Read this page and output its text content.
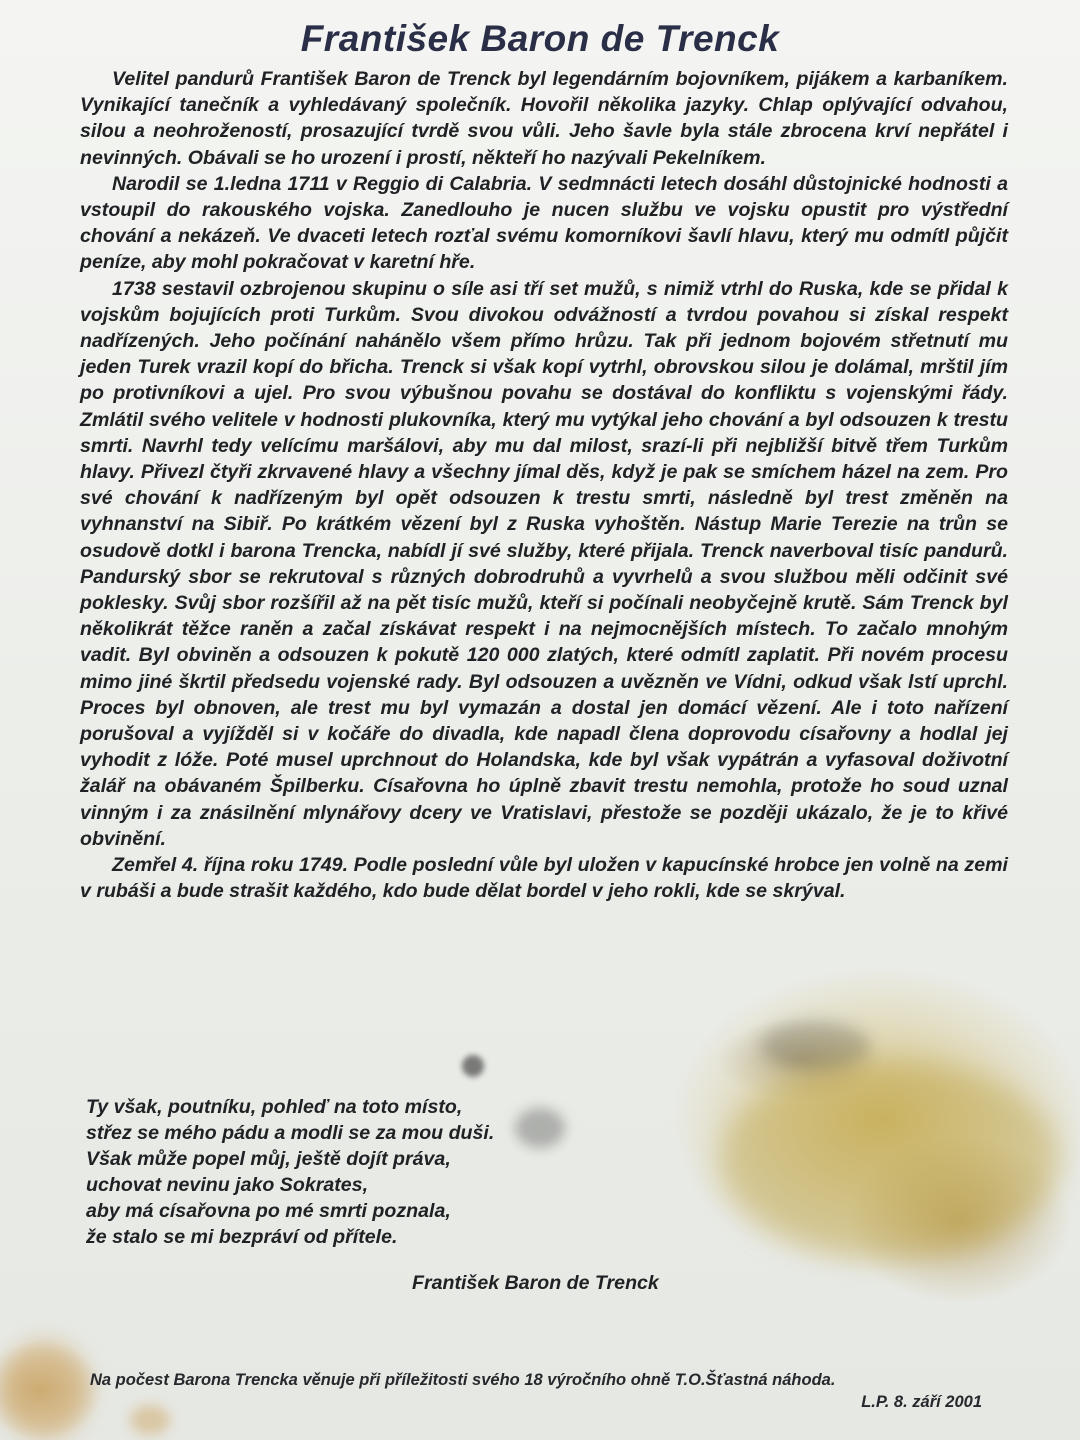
František Baron de Trenck

Velitel pandurů František Baron de Trenck byl legendárním bojovníkem, pijákem a karbaníkem. Vynikající tanečník a vyhledávaný společník. Hovořil několika jazyky. Chlap oplývající odvahou, silou a neohrožeností, prosazující tvrdě svou vůli. Jeho šavle byla stále zbrocena krví nepřátel i nevinných. Obávali se ho urození i prostí, někteří ho nazývali Pekelníkem.

Narodil se 1.ledna 1711 v Reggio di Calabria. V sedmnácti letech dosáhl důstojnické hodnosti a vstoupil do rakouského vojska. Zanedlouho je nucen službu ve vojsku opustit pro výstřední chování a nekázeň. Ve dvaceti letech rozťal svému komorníkovi šavlí hlavu, který mu odmítl půjčit peníze, aby mohl pokračovat v karetní hře.

1738 sestavil ozbrojenou skupinu o síle asi tří set mužů, s nimiž vtrhl do Ruska, kde se přidal k vojskům bojujících proti Turkům. Svou divokou odvážností a tvrdou povahou si získal respekt nadřízených. Jeho počínání nahánělo všem přímo hrůzu. Tak při jednom bojovém střetnutí mu jeden Turek vrazil kopí do břicha. Trenck si však kopí vytrhl, obrovskou silou je dolámal, mrštil jím po protivníkovi a ujel. Pro svou výbušnou povahu se dostával do konfliktu s vojenskými řády. Zmlátil svého velitele v hodnosti plukovníka, který mu vytýkal jeho chování a byl odsouzen k trestu smrti. Navrhl tedy velícímu maršálovi, aby mu dal milost, srazí-li při nejbližší bitvě třem Turkům hlavy. Přivezl čtyři zkrvavené hlavy a všechny jímal děs, když je pak se smíchem házel na zem. Pro své chování k nadřízeným byl opět odsouzen k trestu smrti, následně byl trest změněn na vyhnanství na Sibiř. Po krátkém vězení byl z Ruska vyhoštěn. Nástup Marie Terezie na trůn se osudově dotkl i barona Trencka, nabídl jí své služby, které přijala. Trenck naverboval tisíc pandurů. Pandurský sbor se rekrutoval s různých dobrodruhů a vyvrhelů a svou službou měli odčinit své poklesky. Svůj sbor rozšířil až na pět tisíc mužů, kteří si počínali neobyčejně krutě. Sám Trenck byl několikrát těžce raněn a začal získávat respekt i na nejmocnějších místech. To začalo mnohým vadit. Byl obviněn a odsouzen k pokutě 120 000 zlatých, které odmítl zaplatit. Při novém procesu mimo jiné škrtil předsedu vojenské rady. Byl odsouzen a uvězněn ve Vídni, odkud však lstí uprchl. Proces byl obnoven, ale trest mu byl vymazán a dostal jen domácí vězení. Ale i toto nařízení porušoval a vyjížděl si v kočáře do divadla, kde napadl člena doprovodu císařovny a hodlal jej vyhodit z lóže. Poté musel uprchnout do Holandska, kde byl však vypátrán a vyfasoval doživotní žalář na obávaném Špilberku. Císařovna ho úplně zbavit trestu nemohla, protože ho soud uznal vinným i za znásilnění mlynářovy dcery ve Vratislavi, přestože se později ukázalo, že je to křivé obvinění.

Zemřel 4. října roku 1749. Podle poslední vůle byl uložen v kapucínské hrobce jen volně na zemi v rubáši a bude strašit každého, kdo bude dělat bordel v jeho rokli, kde se skrýval.

Ty však, poutníku, pohleď na toto místo,
střez se mého pádu a modli se za mou duši.
Však může popel můj, ještě dojít práva,
uchovat nevinu jako Sokrates,
aby má císařovna po mé smrti poznala,
že stalo se mi bezpráví od přítele.
František Baron de Trenck
Na počest Barona Trencka věnuje při příležitosti svého 18 výročního ohně T.O.Šťastná náhoda.
L.P. 8. září 2001
